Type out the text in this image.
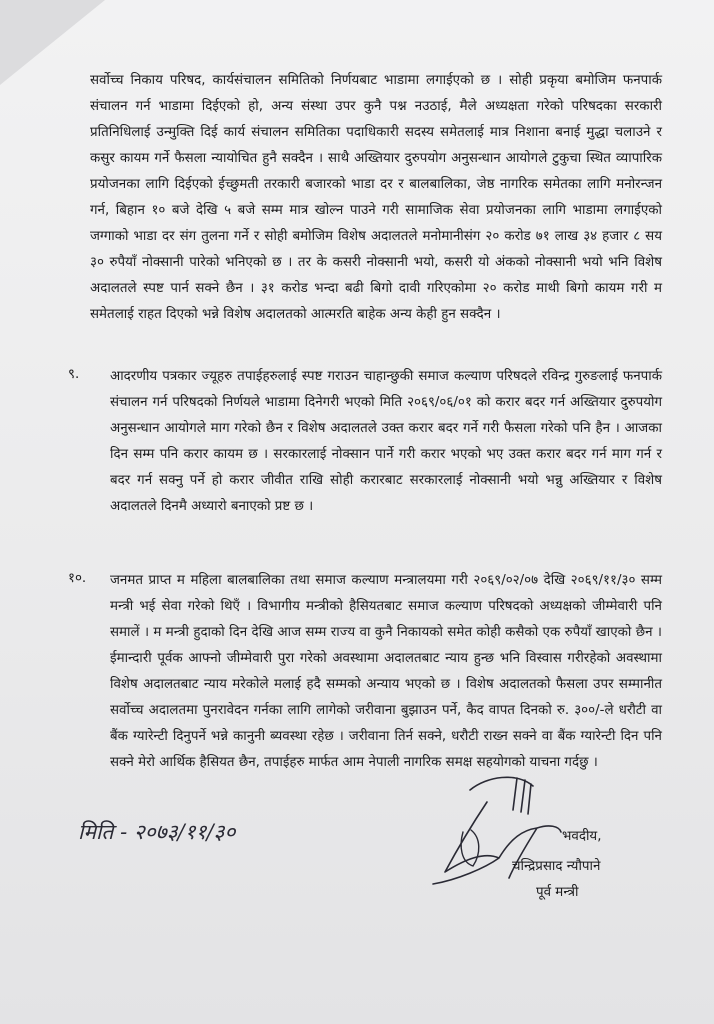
सर्वोच्च निकाय परिषद, कार्यसंचालन समितिको निर्णयबाट भाडामा लगाईएको छ । सोही प्रकृया बमोजिम फनपार्क संचालन गर्न भाडामा दिईएको हो, अन्य संस्था उपर कुनै पश्न नउठाई, मैले अध्यक्षता गरेको परिषदका सरकारी प्रतिनिधिलाई उन्मुक्ति दिई कार्य संचालन समितिका पदाधिकारी सदस्य समेतलाई मात्र निशाना बनाई मुद्धा चलाउने र कसुर कायम गर्ने फैसला न्यायोचित हुनै सक्दैन । साथै अख्तियार दुरुपयोग अनुसन्धान आयोगले टुकुचा स्थित व्यापारिक प्रयोजनका लागि दिईएको ईच्छुमती तरकारी बजारको भाडा दर र बालबालिका, जेष्ठ नागरिक समेतका लागि मनोरन्जन गर्न, बिहान १० बजे देखि ५ बजे सम्म मात्र खोल्न पाउने गरी सामाजिक सेवा प्रयोजनका लागि भाडामा लगाईएको जग्गाको भाडा दर संग तुलना गर्ने र सोही बमोजिम विशेष अदालतले मनोमानीसंग २० करोड ७१ लाख ३४ हजार ८ सय ३० रुपैयाँ नोक्सानी पारेको भनिएको छ । तर के कसरी नोक्सानी भयो, कसरी यो अंकको नोक्सानी भयो भनि विशेष अदालतले स्पष्ट पार्न सक्ने छैन । ३१ करोड भन्दा बढी बिगो दावी गरिएकोमा २० करोड माथी बिगो कायम गरी म समेतलाई राहत दिएको भन्ने विशेष अदालतको आत्मरति बाहेक अन्य केही हुन सक्दैन ।

९. आदरणीय पत्रकार ज्यूहरु तपाईहरुलाई स्पष्ट गराउन चाहान्छुकी समाज कल्याण परिषदले रविन्द्र गुरुङलाई फनपार्क संचालन गर्न परिषदको निर्णयले भाडामा दिनेगरी भएको मिति २०६९/०६/०१ को करार बदर गर्न अख्तियार दुरुपयोग अनुसन्धान आयोगले माग गरेको छैन र विशेष अदालतले उक्त करार बदर गर्ने गरी फैसला गरेको पनि हैन । आजका दिन सम्म पनि करार कायम छ । सरकारलाई नोक्सान पार्ने गरी करार भएको भए उक्त करार बदर गर्न माग गर्न र बदर गर्न सक्नु पर्ने हो करार जीवीत राखि सोही करारबाट सरकारलाई नोक्सानी भयो भन्नु अख्तियार र विशेष अदालतले दिनमै अध्यारो बनाएको प्रष्ट छ ।

१०. जनमत प्राप्त म महिला बालबालिका तथा समाज कल्याण मन्त्रालयमा गरी २०६९/०२/०७ देखि २०६९/११/३० सम्म मन्त्री भई सेवा गरेको थिएँ । विभागीय मन्त्रीको हैसियतबाट समाज कल्याण परिषदको अध्यक्षको जीम्मेवारी पनि समालें । म मन्त्री हुदाको दिन देखि आज सम्म राज्य वा कुनै निकायको समेत कोही कसैको एक रुपैयाँ खाएको छैन । ईमान्दारी पूर्वक आफ्नो जीम्मेवारी पुरा गरेको अवस्थामा अदालतबाट न्याय हुन्छ भनि विस्वास गरीरहेको अवस्थामा विशेष अदालतबाट न्याय मरेकोले मलाई हदै सम्मको अन्याय भएको छ । विशेष अदालतको फैसला उपर सम्मानीत सर्वोच्च अदालतमा पुनरावेदन गर्नका लागि लागेको जरीवाना बुझाउन पर्ने, कैद वापत दिनको रु. ३००/-ले धरौटी वा बैंक ग्यारेन्टी दिनुपर्ने भन्ने कानुनी ब्यवस्था रहेछ । जरीवाना तिर्न सक्ने, धरौटी राख्न सक्ने वा बैंक ग्यारेन्टी दिन पनि सक्ने मेरो आर्थिक हैसियत छैन, तपाईहरु मार्फत आम नेपाली नागरिक समक्ष सहयोगको याचना गर्दछु ।

भवदीय,
चन्द्रिप्रसाद न्यौपाने
पूर्व मन्त्री
मिति - २०७३/११/३०
